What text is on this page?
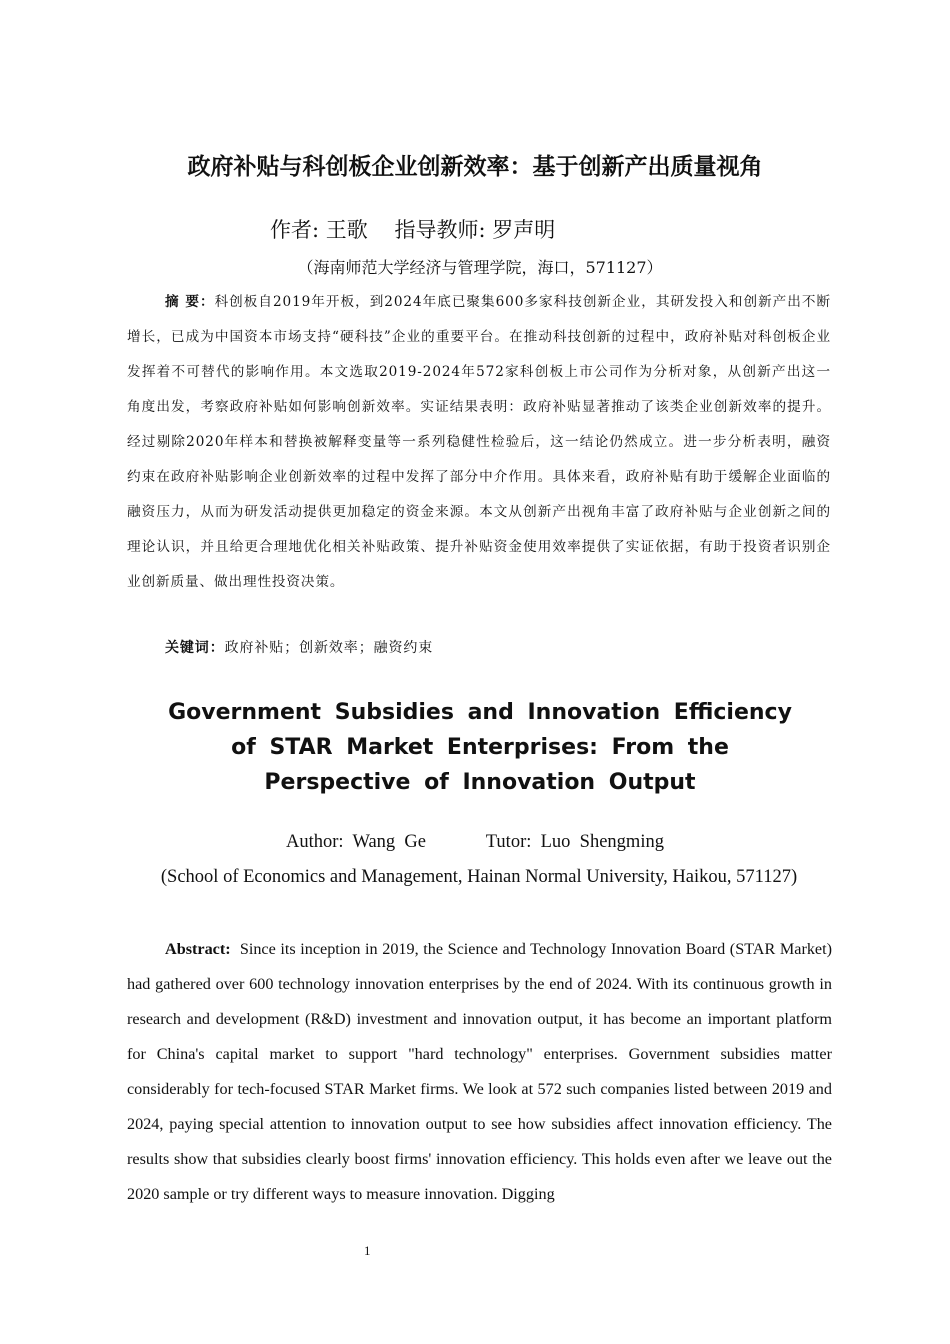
政府补贴与科创板企业创新效率：基于创新产出质量视角
作者: 王歌    指导教师: 罗声明
（海南师范大学经济与管理学院，海口，571127）

摘 要：科创板自2019年开板，到2024年底已聚集600多家科技创新企业，其研发投入和创新产出不断增长，已成为中国资本市场支持“硬科技”企业的重要平台。在推动科技创新的过程中，政府补贴对科创板企业发挥着不可替代的影响作用。本文选取2019-2024年572家科创板上市公司作为分析对象，从创新产出这一角度出发，考察政府补贴如何影响创新效率。实证结果表明：政府补贴显著推动了该类企业创新效率的提升。经过剔除2020年样本和替换被解释变量等一系列稳健性检验后，这一结论仍然成立。进一步分析表明，融资约束在政府补贴影响企业创新效率的过程中发挥了部分中介作用。具体来看，政府补贴有助于缓解企业面临的融资压力，从而为研发活动提供更加稳定的资金来源。本文从创新产出视角丰富了政府补贴与企业创新之间的理论认识，并且给更合理地优化相关补贴政策、提升补贴资金使用效率提供了实证依据，有助于投资者识别企业创新质量、做出理性投资决策。

关键词：政府补贴；创新效率；融资约束
Government Subsidies and Innovation Efficiency of STAR Market Enterprises: From the Perspective of Innovation Output
Author:  Wang  Ge             Tutor:  Luo  Shengming
(School of Economics and Management, Hainan Normal University, Haikou, 571127)

Abstract: Since its inception in 2019, the Science and Technology Innovation Board (STAR Market) had gathered over 600 technology innovation enterprises by the end of 2024. With its continuous growth in research and development (R&D) investment and innovation output, it has become an important platform for China's capital market to support "hard technology" enterprises. Government subsidies matter considerably for tech-focused STAR Market firms. We look at 572 such companies listed between 2019 and 2024, paying special attention to innovation output to see how subsidies affect innovation efficiency. The results show that subsidies clearly boost firms' innovation efficiency. This holds even after we leave out the 2020 sample or try different ways to measure innovation. Digging

1
